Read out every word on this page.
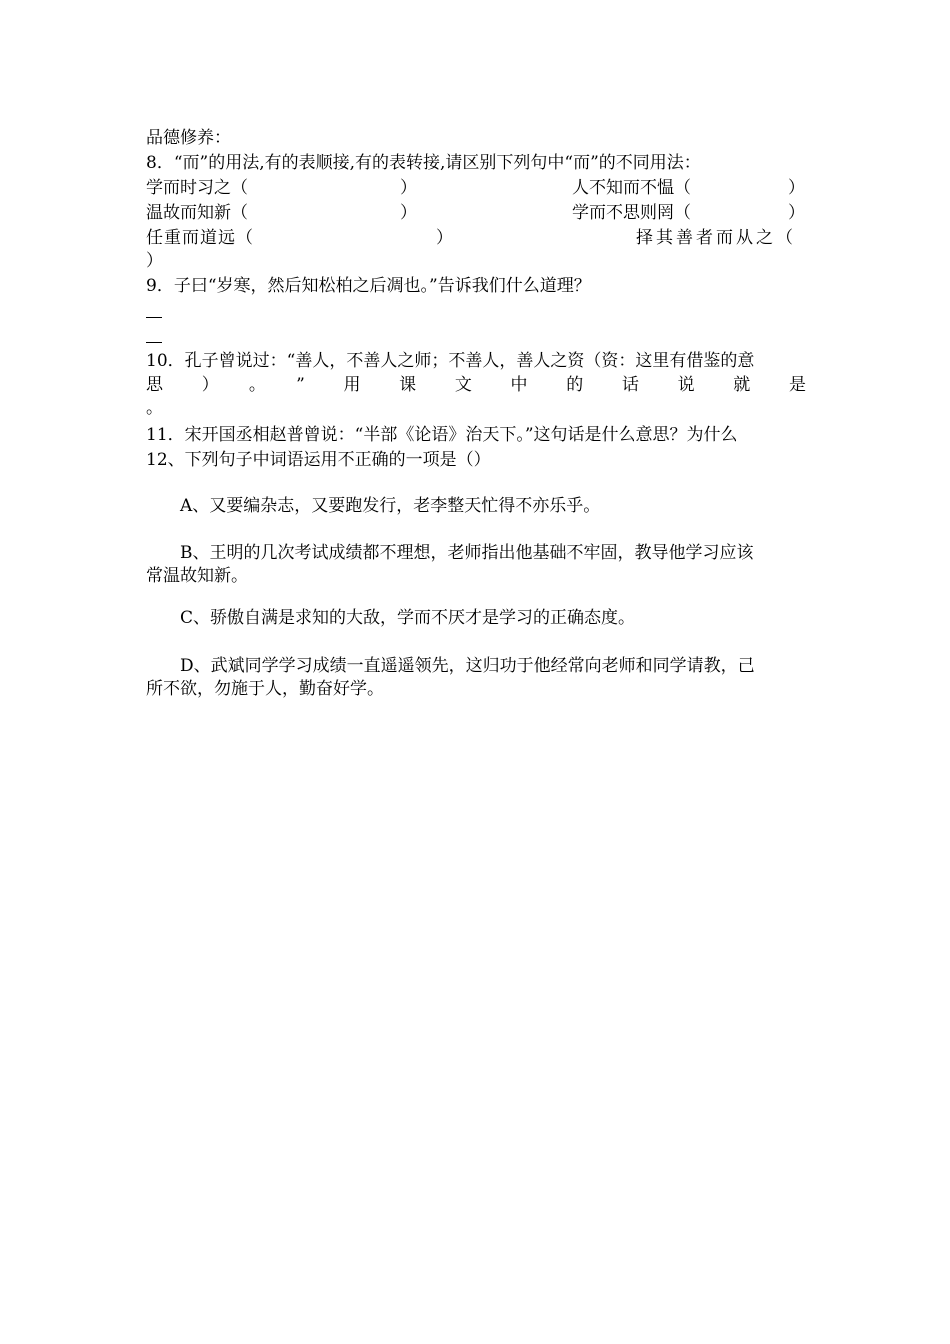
品德修养：
8．“而”的用法,有的表顺接,有的表转接,请区别下列句中“而”的不同用法：
学而时习之（	）	人不知而不愠（	）
温故而知新（	）	学而不思则罔（	）
任重而道远（	）	择其善者而从之（
）
9．子曰“岁寒，然后知松柏之后凋也。”告诉我们什么道理？
10．孔子曾说过：“善人，不善人之师；不善人，善人之资（资：这里有借鉴的意
思）。”用课文中的话说就是
。
11．宋开国丞相赵普曾说：“半部《论语》治天下。”这句话是什么意思？为什么
12、下列句子中词语运用不正确的一项是（）
A、又要编杂志，又要跑发行，老李整天忙得不亦乐乎。
B、王明的几次考试成绩都不理想，老师指出他基础不牢固，教导他学习应该
常温故知新。
C、骄傲自满是求知的大敌，学而不厌才是学习的正确态度。
D、武斌同学学习成绩一直遥遥领先，这归功于他经常向老师和同学请教，己
所不欲，勿施于人，勤奋好学。
